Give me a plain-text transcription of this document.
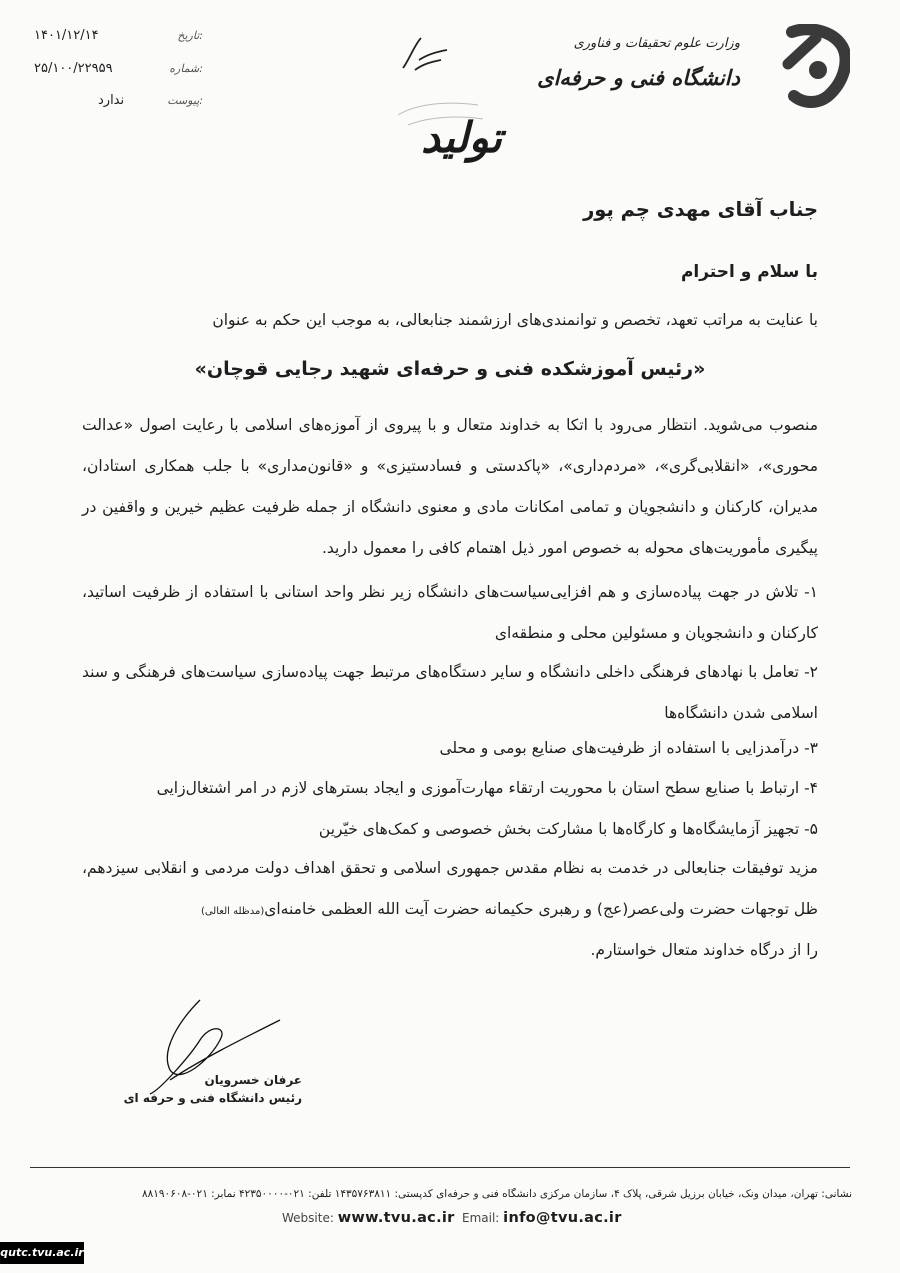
تاریخ:
۱۴۰۱/۱۲/۱۴
شماره:
۲۵/۱۰۰/۲۲۹۵۹
پیوست:
ندارد
تولید
وزارت علوم تحقیقات و فناوری
دانشگاه فنی و حرفه‌ای
جناب آقای مهدی چم پور
با سلام و احترام
با عنایت به مراتب تعهد، تخصص و توانمندی‌های ارزشمند جنابعالی، به موجب این حکم به عنوان
«رئیس آموزشکده فنی و حرفه‌ای شهید رجایی قوچان»
منصوب می‌شوید. انتظار می‌رود با اتکا به خداوند متعال و با پیروی از آموزه‌های اسلامی با رعایت اصول «عدالت محوری»، «انقلابی‌گری»، «مردم‌داری»، «پاکدستی و فسادستیزی» و «قانون‌مداری» با جلب همکاری استادان، مدیران، کارکنان و دانشجویان و تمامی امکانات مادی و معنوی دانشگاه از جمله ظرفیت عظیم خیرین و واقفین در پیگیری مأموریت‌های محوله به خصوص امور ذیل اهتمام کافی را معمول دارید.
۱- تلاش در جهت پیاده‌سازی و هم افزایی‌سیاست‌های دانشگاه زیر نظر واحد استانی با استفاده از ظرفیت اساتید، کارکنان و دانشجویان و مسئولین محلی و منطقه‌ای
۲- تعامل با نهادهای فرهنگی داخلی دانشگاه و سایر دستگاه‌های مرتبط جهت پیاده‌سازی سیاست‌های فرهنگی و سند اسلامی شدن دانشگاه‌ها
۳- درآمدزایی با استفاده از ظرفیت‌های صنایع بومی و محلی
۴- ارتباط با صنایع سطح استان با محوریت ارتقاء مهارت‌آموزی و ایجاد بسترهای لازم در امر اشتغال‌زایی
۵- تجهیز آزمایشگاه‌ها و کارگاه‌ها با مشارکت بخش خصوصی و کمک‌های خیّرین
مزید توفیقات جنابعالی در خدمت به نظام مقدس جمهوری اسلامی و تحقق اهداف دولت مردمی و انقلابی سیزدهم، ظل توجهات حضرت ولی‌عصر(عج) و رهبری حکیمانه حضرت آیت الله العظمی خامنه‌ای(مدظله العالی)
را از درگاه خداوند متعال خواستارم.
عرفان خسرویان
رئیس دانشگاه فنی و حرفه ای
نشانی: تهران، میدان ونک، خیابان برزیل شرقی، پلاک ۴، سازمان مرکزی دانشگاه فنی و حرفه‌ای کدپستی: ۱۴۳۵۷۶۳۸۱۱ تلفن: ۰۲۱-۴۲۳۵۰۰۰۰ نمابر: ۰۲۱-۸۸۱۹۰۶۰۸
Website: www.tvu.ac.ir Email: info@tvu.ac.ir
qutc.tvu.ac.ir
